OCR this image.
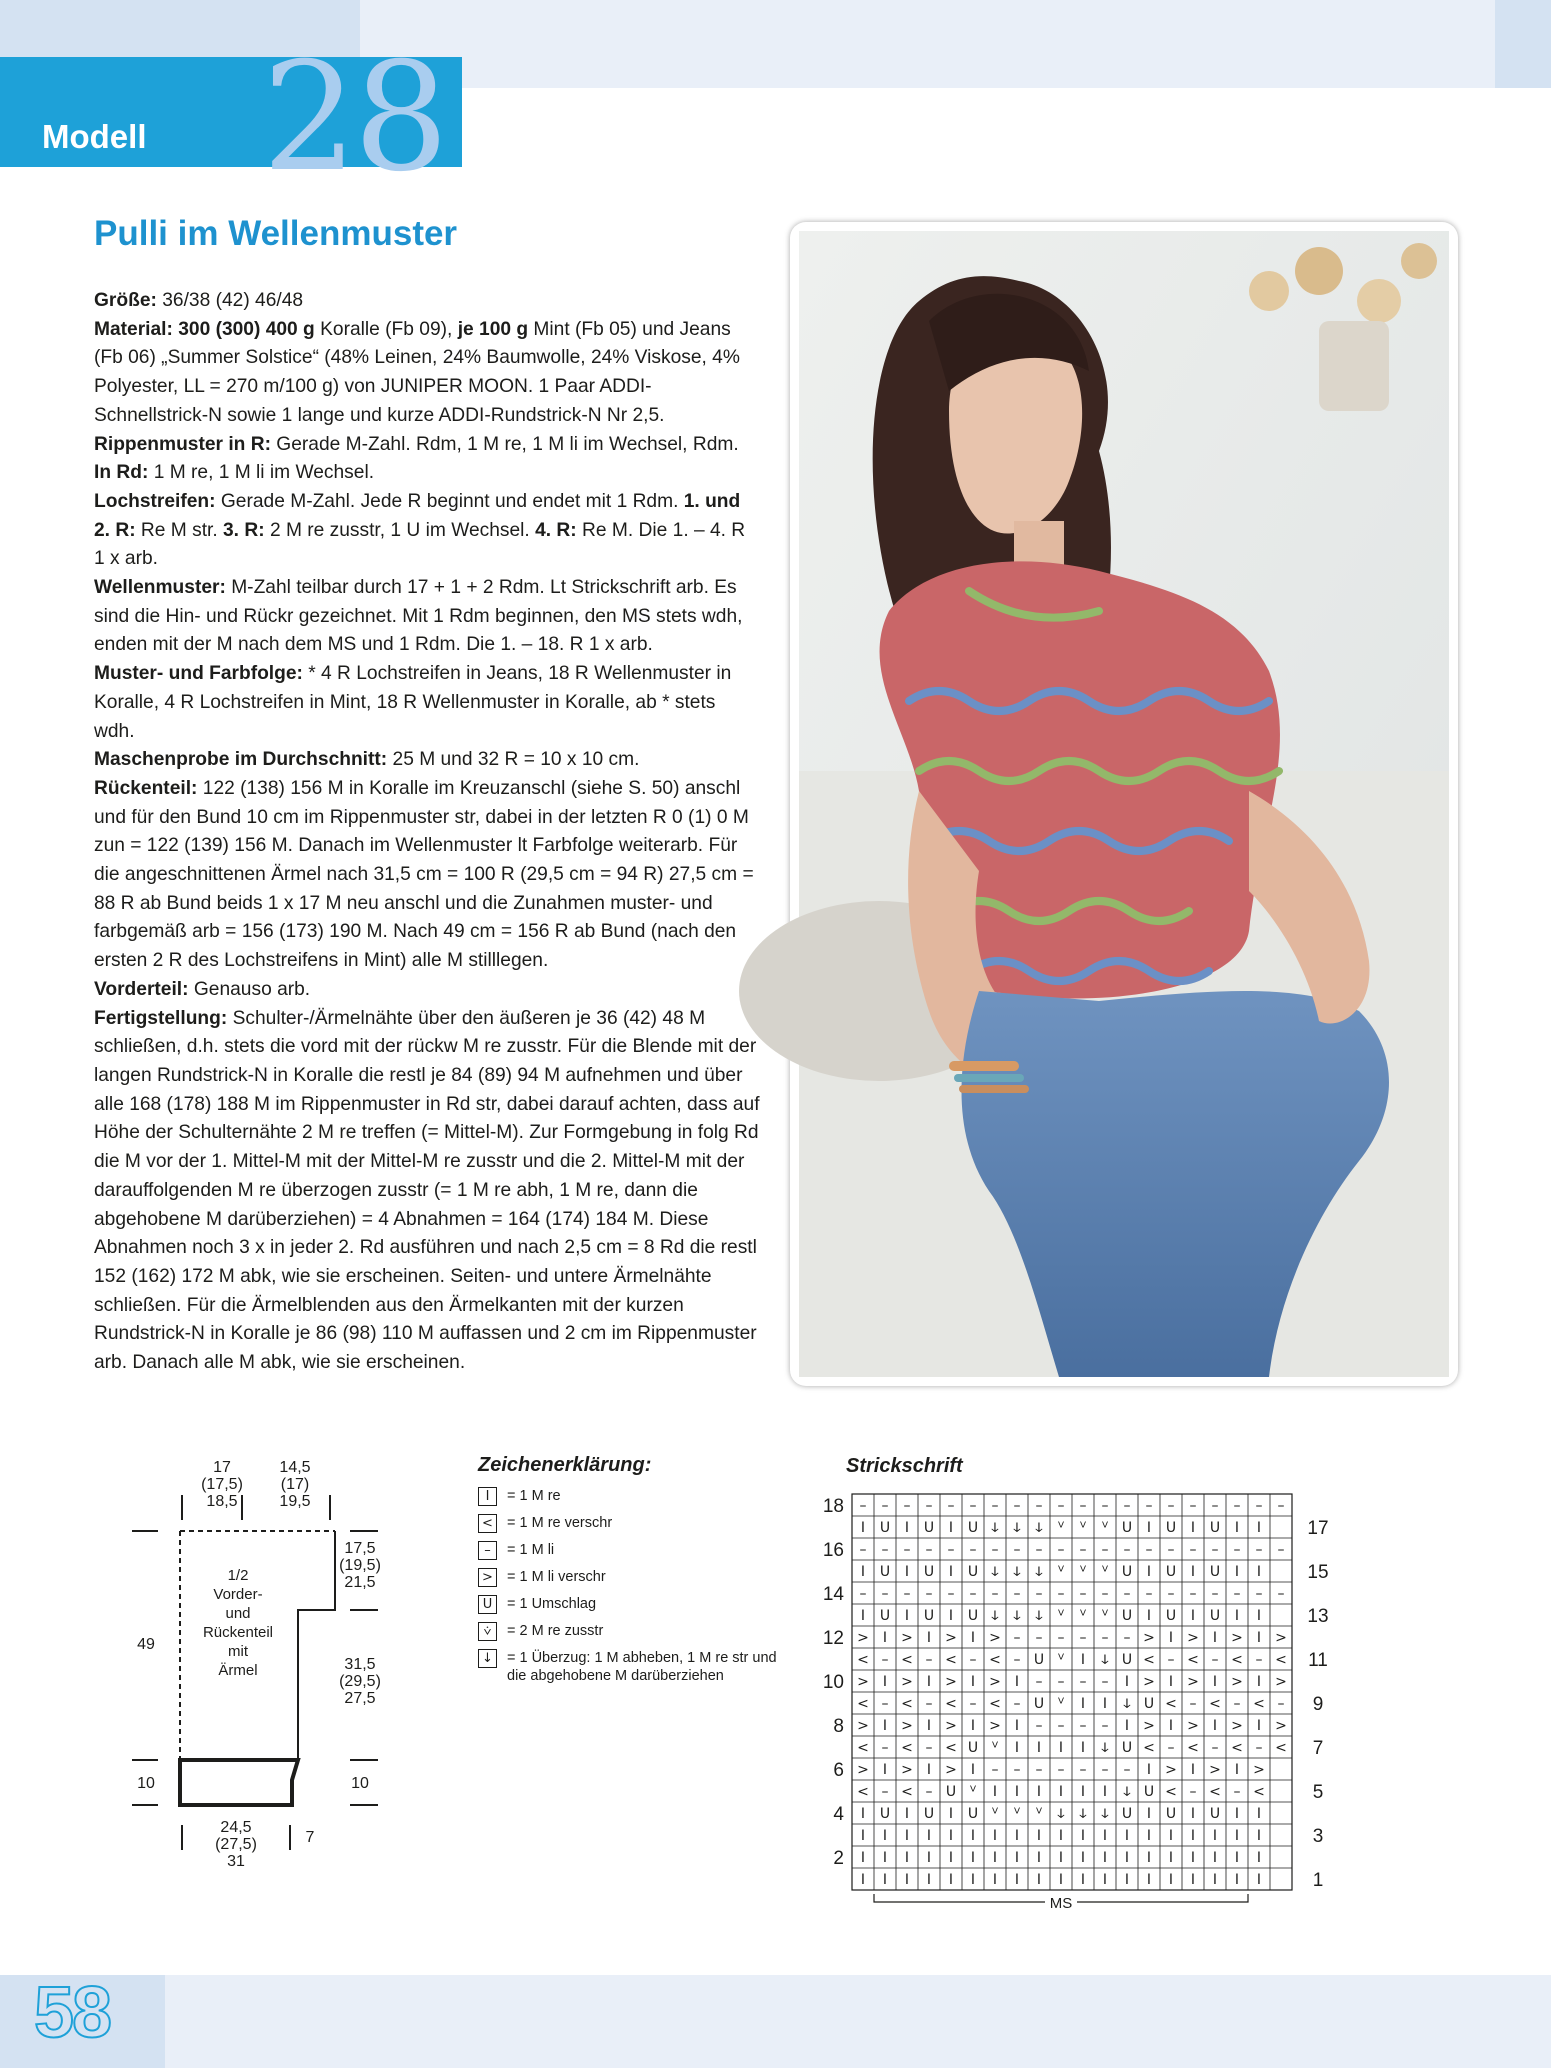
Modell 28
Pulli im Wellenmuster

Größe: 36/38 (42) 46/48

Material: 300 (300) 400 g Koralle (Fb 09), je 100 g Mint (Fb 05) und Jeans (Fb 06) „Summer Solstice“ (48% Leinen, 24% Baumwolle, 24% Viskose, 4% Polyester, LL = 270 m/100 g) von JUNIPER MOON. 1 Paar ADDI-Schnellstrick-N sowie 1 lange und kurze ADDI-Rundstrick-N Nr 2,5.

Rippenmuster in R: Gerade M-Zahl. Rdm, 1 M re, 1 M li im Wechsel, Rdm.

In Rd: 1 M re, 1 M li im Wechsel.

Lochstreifen: Gerade M-Zahl. Jede R beginnt und endet mit 1 Rdm. 1. und 2. R: Re M str. 3. R: 2 M re zusstr, 1 U im Wechsel. 4. R: Re M. Die 1. – 4. R 1 x arb.

Wellenmuster: M-Zahl teilbar durch 17 + 1 + 2 Rdm. Lt Strickschrift arb. Es sind die Hin- und Rückr gezeichnet. Mit 1 Rdm beginnen, den MS stets wdh, enden mit der M nach dem MS und 1 Rdm. Die 1. – 18. R 1 x arb.

Muster- und Farbfolge: * 4 R Lochstreifen in Jeans, 18 R Wellenmuster in Koralle, 4 R Lochstreifen in Mint, 18 R Wellenmuster in Koralle, ab * stets wdh.

Maschenprobe im Durchschnitt: 25 M und 32 R = 10 x 10 cm.

Rückenteil: 122 (138) 156 M in Koralle im Kreuzanschl (siehe S. 50) anschl und für den Bund 10 cm im Rippenmuster str, dabei in der letzten R 0 (1) 0 M zun = 122 (139) 156 M. Danach im Wellenmuster lt Farbfolge weiterarb. Für die angeschnittenen Ärmel nach 31,5 cm = 100 R (29,5 cm = 94 R) 27,5 cm = 88 R ab Bund beids 1 x 17 M neu anschl und die Zunahmen muster- und farbgemäß arb = 156 (173) 190 M. Nach 49 cm = 156 R ab Bund (nach den ersten 2 R des Lochstreifens in Mint) alle M stilllegen.

Vorderteil: Genauso arb.

Fertigstellung: Schulter-/Ärmelnähte über den äußeren je 36 (42) 48 M schließen, d.h. stets die vord mit der rückw M re zusstr. Für die Blende mit der langen Rundstrick-N in Koralle die restl je 84 (89) 94 M aufnehmen und über alle 168 (178) 188 M im Rippenmuster in Rd str, dabei darauf achten, dass auf Höhe der Schulternähte 2 M re treffen (= Mittel-M). Zur Formgebung in folg Rd die M vor der 1. Mittel-M mit der Mittel-M re zusstr und die 2. Mittel-M mit der darauffolgenden M re überzogen zusstr (= 1 M re abh, 1 M re, dann die abgehobene M darüberziehen) = 4 Abnahmen = 164 (174) 184 M. Diese Abnahmen noch 3 x in jeder 2. Rd ausführen und nach 2,5 cm = 8 Rd die restl 152 (162) 172 M abk, wie sie erscheinen. Seiten- und untere Ärmelnähte schließen. Für die Ärmelblenden aus den Ärmelkanten mit der kurzen Rundstrick-N in Koralle je 86 (98) 110 M auffassen und 2 cm im Rippenmuster arb. Danach alle M abk, wie sie erscheinen.

17
(17,5)
18,5
14,5
(17)
19,5
17,5
(19,5)
21,5
31,5
(29,5)
27,5
49
10	10
24,5
(27,5)
31
7
1/2
Vorder-
und
Rückenteil
mit
Ärmel
Zeichenerklärung:
I	= 1 M re
< = 1 M re verschr
–	= 1 M li
> = 1 M li verschr
U	= 1 Umschlag
⩒	= 2 M re zusstr
↓ = 1 Überzug: 1 M abheben, 1 M re str und die abgehobene M darüberziehen
Strickschrift
– – – – – – – – – – – – – – – – – – – –
I U I U I U ↆ ↆ ↆ ⱽ ⱽ ⱽ U I U I U I I
– – – – – – – – – – – – – – – – – – – –
I U I U I U ↆ ↆ ↆ ⱽ ⱽ ⱽ U I U I U I I
– – – – – – – – – – – – – – – – – – – –
I U I U I U ↆ ↆ ↆ ⱽ ⱽ ⱽ U I U I U I I
> I > I > I > – – – – – – > I > I > I >
< – < – < – < – U ⱽ I ↆ U < – < – < – <
> I > I > I > I – – – – I > I > I > I >
< – < – < – < – U ⱽ I I ↆ U < – < – < –
> I > I > I > I – – – – I > I > I > I >
< – < – < U ⱽ I I I I ↆ U < – < – < – <
> I > I > I – – – – – – – I > I > I >
< – < – U ⱽ I I I I I I ↆ U < – < – <
I U I U I U ⱽ ⱽ ⱽ ↆ ↆ ↆ U I U I U I I
I I I I I I I I I I I I I I I I I I I
I I I I I I I I I I I I I I I I I I I
I I I I I I I I I I I I I I I I I I I
18
16
14
12
10
8
6
4
2
17
15
13
11
9
7
5
3
1
MS
58
